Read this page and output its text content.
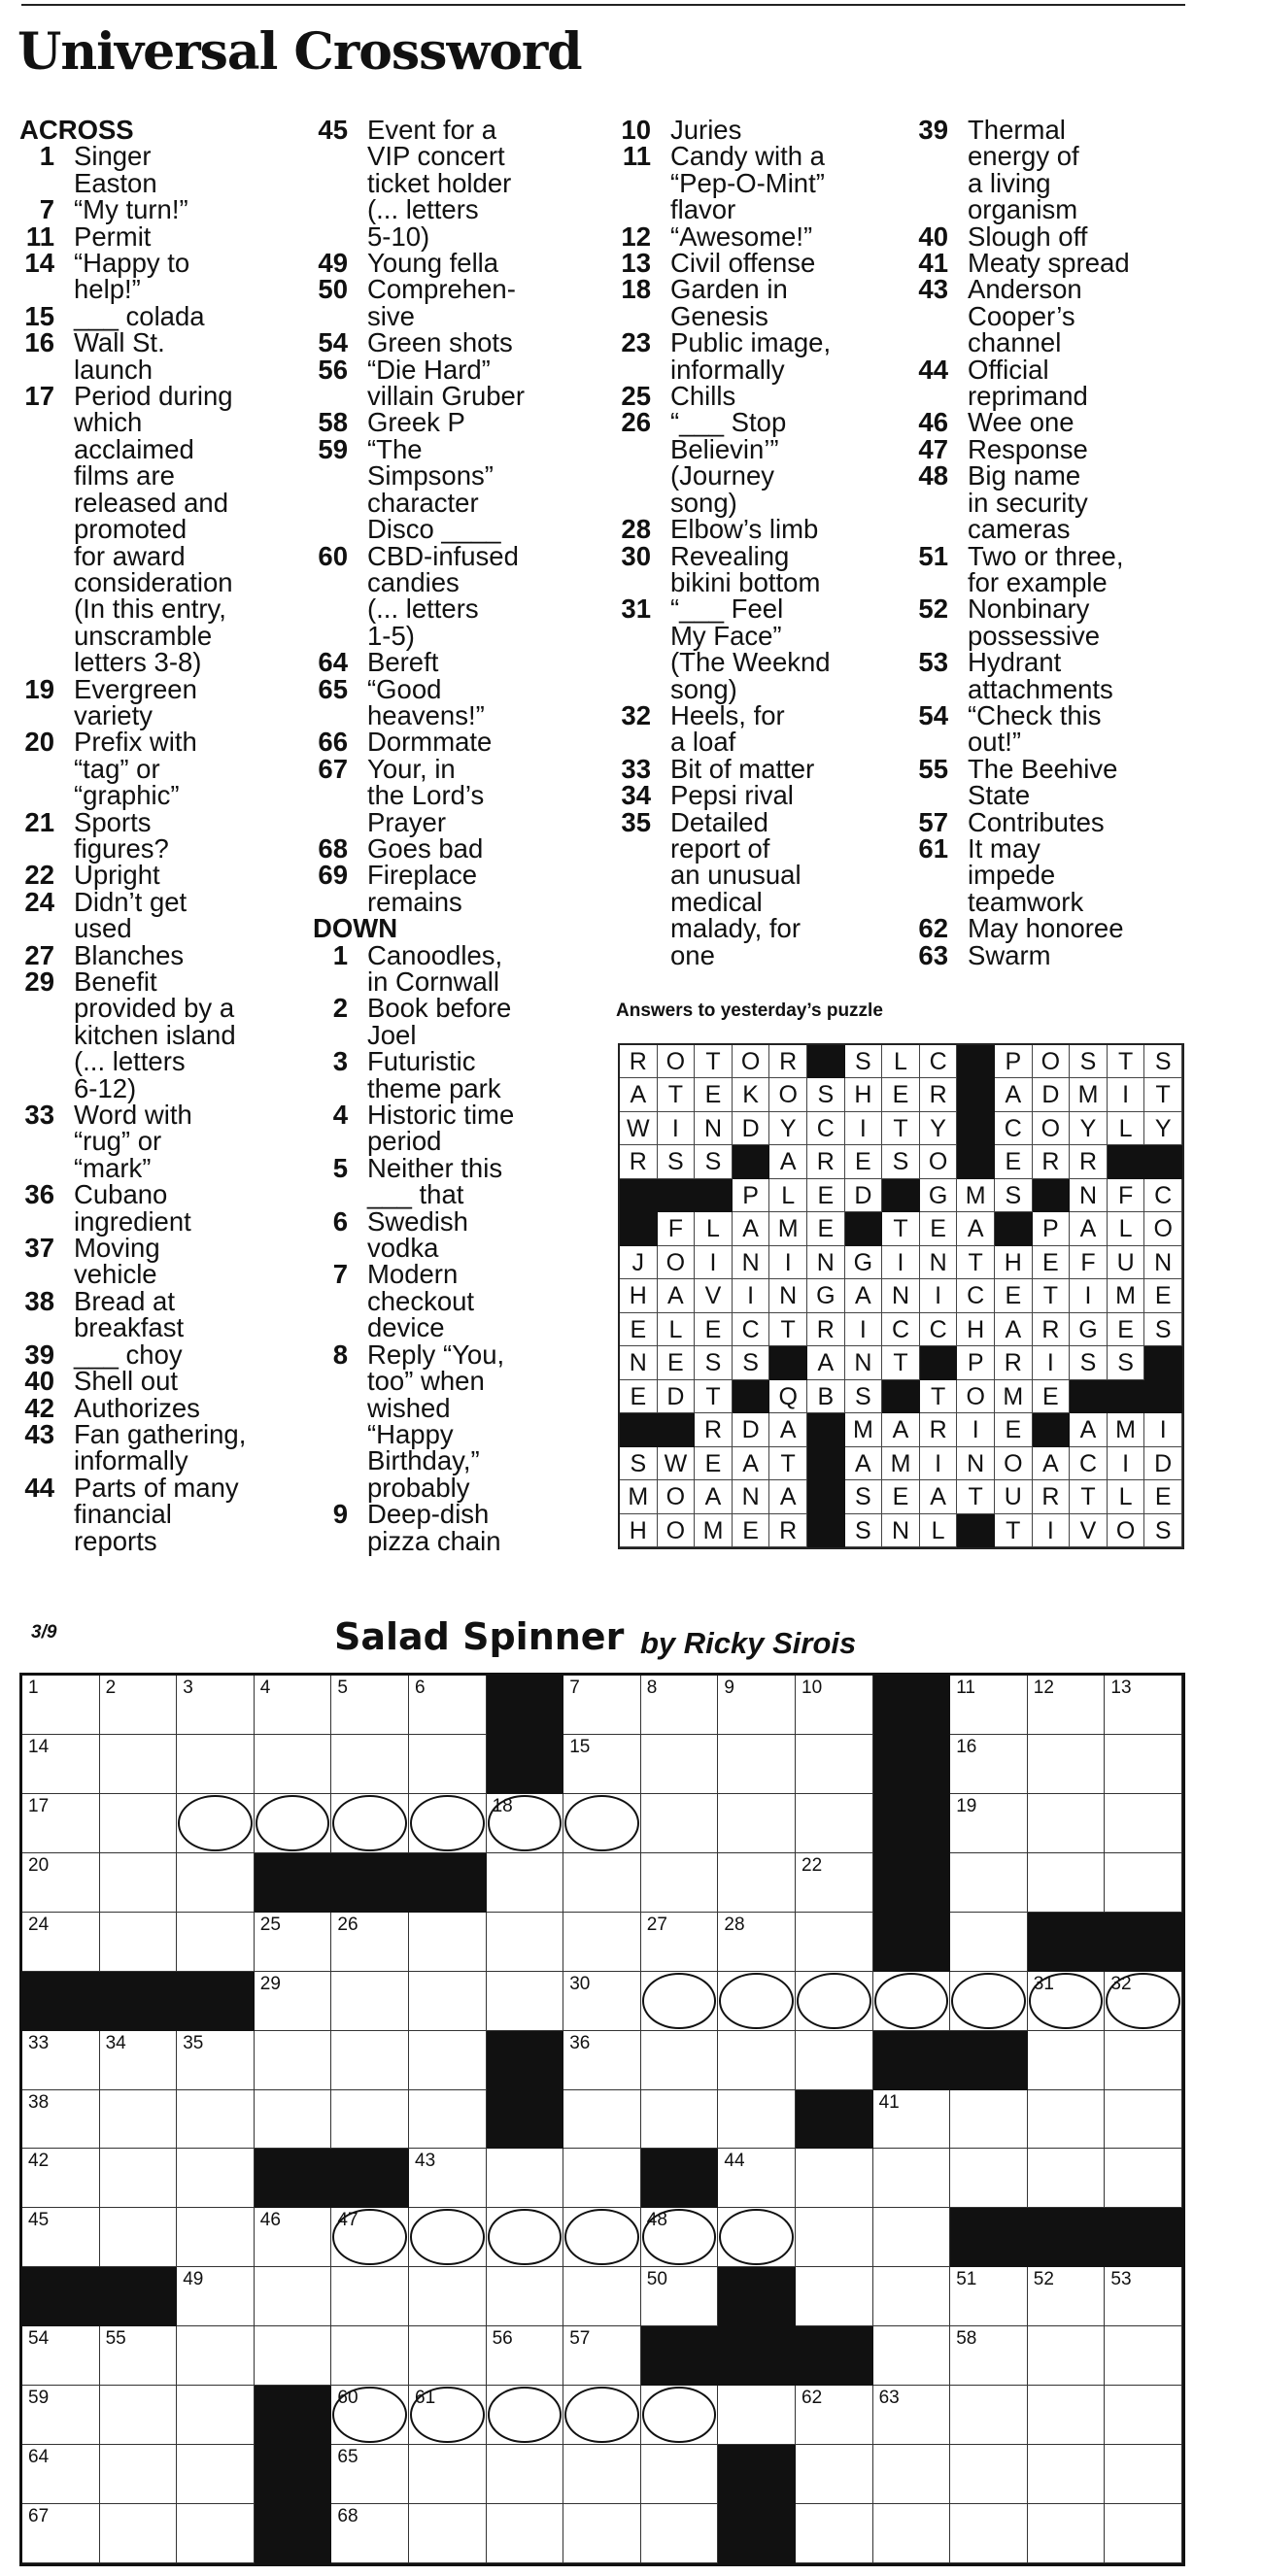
Universal Crossword
ACROSS
1 Singer
Easton
7 “My turn!”
11 Permit
14 “Happy to
help!”
15 ___ colada
16 Wall St.
launch
17 Period during
which
acclaimed
films are
released and
promoted
for award
consideration
(In this entry,
unscramble
letters 3-8)
19 Evergreen
variety
20 Prefix with
“tag” or
“graphic”
21 Sports
figures?
22 Upright
24 Didn’t get
used
27 Blanches
29 Benefit
provided by a
kitchen island
(... letters
6-12)
33 Word with
“rug” or
“mark”
36 Cubano
ingredient
37 Moving
vehicle
38 Bread at
breakfast
39 ___ choy
40 Shell out
42 Authorizes
43 Fan gathering,
informally
44 Parts of many
financial
reports
45 Event for a
VIP concert
ticket holder
(... letters
5-10)
49 Young fella
50 Comprehen-
sive
54 Green shots
56 “Die Hard”
villain Gruber
58 Greek P
59 “The
Simpsons”
character
Disco ____
60 CBD-infused
candies
(... letters
1-5)
64 Bereft
65 “Good
heavens!”
66 Dormmate
67 Your, in
the Lord’s
Prayer
68 Goes bad
69 Fireplace
remains
DOWN
1 Canoodles,
in Cornwall
2 Book before
Joel
3 Futuristic
theme park
4 Historic time
period
5 Neither this
___ that
6 Swedish
vodka
7 Modern
checkout
device
8 Reply “You,
too” when
wished
“Happy
Birthday,”
probably
9 Deep-dish
pizza chain
10 Juries
11 Candy with a
“Pep-O-Mint”
flavor
12 “Awesome!”
13 Civil offense
18 Garden in
Genesis
23 Public image,
informally
25 Chills
26 “___ Stop
Believin’”
(Journey
song)
28 Elbow’s limb
30 Revealing
bikini bottom
31 “___ Feel
My Face”
(The Weeknd
song)
32 Heels, for
a loaf
33 Bit of matter
34 Pepsi rival
35 Detailed
report of
an unusual
medical
malady, for
one
39 Thermal
energy of
a living
organism
40 Slough off
41 Meaty spread
43 Anderson
Cooper’s
channel
44 Official
reprimand
46 Wee one
47 Response
48 Big name
in security
cameras
51 Two or three,
for example
52 Nonbinary
possessive
53 Hydrant
attachments
54 “Check this
out!”
55 The Beehive
State
57 Contributes
61 It may
impede
teamwork
62 May honoree
63 Swarm
Answers to yesterday’s puzzle
R O T O R	S L C	P O S T S
A T E K O S H E R	A D M I	T
W I	N D Y C	I	T Y	C O Y L Y
R S S	A R E S O	E R R
P L E D	G M S	N F C
F L A M E	T E A	P A L O
J O	I	N	I	N G	I	N T H E F U N
H A V	I	N G A N	I	C E T	I M E
E L E C T R	I	C C H A R G E S
N E S S	A N T	P R	I	S S
E D T	Q B S	T O M E
R D A	M A R	I	E	A M I
S W E A T	A M I	N O A C	I	D
M O A N A	S E A T U R T L E
H O M E R	S N L	T	I	V O S
3/9	Salad Spinner by Ricky Sirois
1	2	3	4	5	6	7	8	9	10	11	12	13
14	15	16
17	18	19
20	22
24	25	26	27	28
29	30	31	32
33	34	35	36
38	41
42	43	44
45	46	47	48
49	50	51	52	53
54	55	56	57	58
59	60	61	62	63
64	65
67	68
